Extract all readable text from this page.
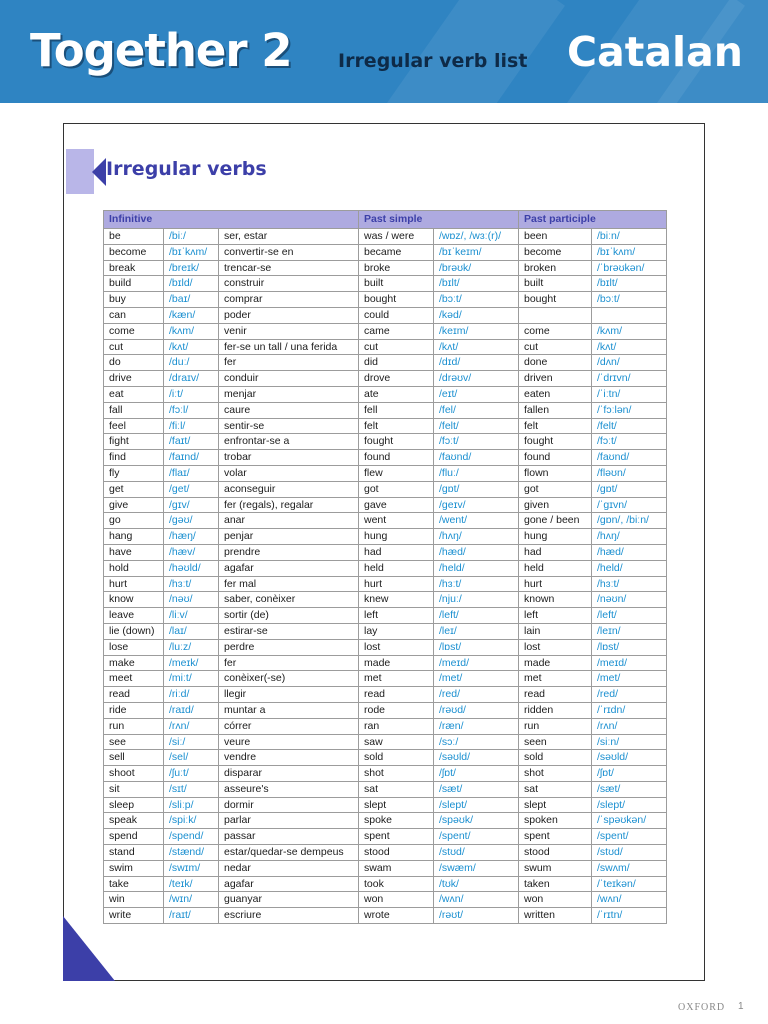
Together 2 Irregular verb list Catalan
Irregular verbs
Infinitive			Past simple		Past participle	
be	/biː/	ser, estar	was / were	/wɒz/, /wɜː(r)/	been	/biːn/
become	/bɪˈkʌm/	convertir-se en	became	/bɪˈkeɪm/	become	/bɪˈkʌm/
break	/breɪk/	trencar-se	broke	/brəʊk/	broken	/ˈbrəʊkən/
build	/bɪld/	construir	built	/bɪlt/	built	/bɪlt/
buy	/baɪ/	comprar	bought	/bɔːt/	bought	/bɔːt/
can	/kæn/	poder	could	/kəd/		
come	/kʌm/	venir	came	/keɪm/	come	/kʌm/
cut	/kʌt/	fer-se un tall / una ferida	cut	/kʌt/	cut	/kʌt/
do	/duː/	fer	did	/dɪd/	done	/dʌn/
drive	/draɪv/	conduir	drove	/drəʊv/	driven	/ˈdrɪvn/
eat	/iːt/	menjar	ate	/eɪt/	eaten	/ˈiːtn/
fall	/fɔːl/	caure	fell	/fel/	fallen	/ˈfɔːlən/
feel	/fiːl/	sentir-se	felt	/felt/	felt	/felt/
fight	/faɪt/	enfrontar-se a	fought	/fɔːt/	fought	/fɔːt/
find	/faɪnd/	trobar	found	/faʊnd/	found	/faʊnd/
fly	/flaɪ/	volar	flew	/fluː/	flown	/fləʊn/
get	/get/	aconseguir	got	/gɒt/	got	/gɒt/
give	/gɪv/	fer (regals), regalar	gave	/geɪv/	given	/ˈgɪvn/
go	/gəʊ/	anar	went	/went/	gone / been	/gɒn/, /biːn/
hang	/hæŋ/	penjar	hung	/hʌŋ/	hung	/hʌŋ/
have	/hæv/	prendre	had	/hæd/	had	/hæd/
hold	/həʊld/	agafar	held	/held/	held	/held/
hurt	/hɜːt/	fer mal	hurt	/hɜːt/	hurt	/hɜːt/
know	/nəʊ/	saber, conèixer	knew	/njuː/	known	/nəʊn/
leave	/liːv/	sortir (de)	left	/left/	left	/left/
lie (down)	/laɪ/	estirar-se	lay	/leɪ/	lain	/leɪn/
lose	/luːz/	perdre	lost	/lɒst/	lost	/lɒst/
make	/meɪk/	fer	made	/meɪd/	made	/meɪd/
meet	/miːt/	conèixer(-se)	met	/met/	met	/met/
read	/riːd/	llegir	read	/red/	read	/red/
ride	/raɪd/	muntar a	rode	/rəʊd/	ridden	/ˈrɪdn/
run	/rʌn/	córrer	ran	/ræn/	run	/rʌn/
see	/siː/	veure	saw	/sɔː/	seen	/siːn/
sell	/sel/	vendre	sold	/səʊld/	sold	/səʊld/
shoot	/ʃuːt/	disparar	shot	/ʃɒt/	shot	/ʃɒt/
sit	/sɪt/	asseure's	sat	/sæt/	sat	/sæt/
sleep	/sliːp/	dormir	slept	/slept/	slept	/slept/
speak	/spiːk/	parlar	spoke	/spəʊk/	spoken	/ˈspəʊkən/
spend	/spend/	passar	spent	/spent/	spent	/spent/
stand	/stænd/	estar/quedar-se dempeus	stood	/stʊd/	stood	/stʊd/
swim	/swɪm/	nedar	swam	/swæm/	swum	/swʌm/
take	/teɪk/	agafar	took	/tʊk/	taken	/ˈteɪkən/
win	/wɪn/	guanyar	won	/wʌn/	won	/wʌn/
write	/raɪt/	escriure	wrote	/rəʊt/	written	/ˈrɪtn/
OXFORD 1
